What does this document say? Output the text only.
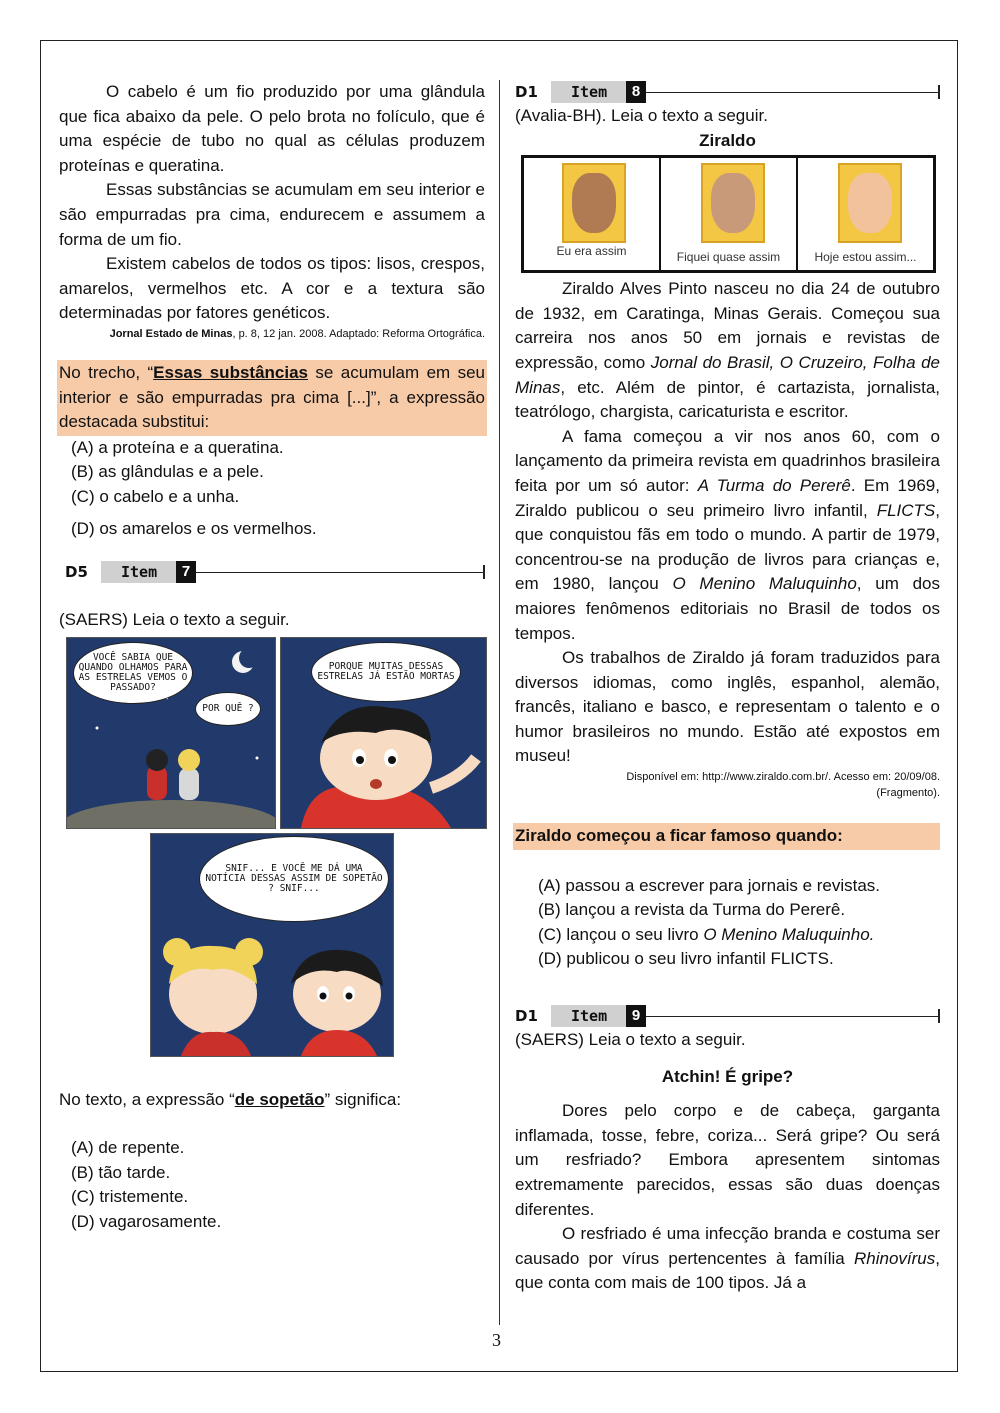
O cabelo é um fio produzido por uma glândula que fica abaixo da pele. O pelo brota no folículo, que é uma espécie de tubo no qual as células produzem proteínas e queratina.

Essas substâncias se acumulam em seu interior e são empurradas pra cima, endurecem e assumem a forma de um fio.

Existem cabelos de todos os tipos: lisos, crespos, amarelos, vermelhos etc. A cor e a textura são determinadas por fatores genéticos.

Jornal Estado de Minas, p. 8, 12 jan. 2008. Adaptado: Reforma Ortográfica.

No trecho, “Essas substâncias se acumulam em seu interior e são empurradas pra cima [...]”, a expressão destacada substitui:

(A) a proteína e a queratina.
(B) as glândulas e a pele.
(C) o cabelo e a unha.
(D) os amarelos e os vermelhos.
D5	Item	7

(SAERS) Leia o texto a seguir.

VOCÊ SABIA QUE QUANDO OLHAMOS PARA AS ESTRELAS VEMOS O PASSADO?
POR QUÊ ?
PORQUE MUITAS DESSAS ESTRELAS JÁ ESTÃO MORTAS
SNIF... E VOCÊ ME DÁ UMA NOTÍCIA DESSAS ASSIM DE SOPETÃO ? SNIF...

No texto, a expressão “de sopetão” significa:

(A) de repente.
(B) tão tarde.
(C) tristemente.
(D) vagarosamente.
D1	Item	8

(Avalia-BH). Leia o texto a seguir.

Ziraldo
Eu era assim	Fiquei quase assim	Hoje estou assim...

Ziraldo Alves Pinto nasceu no dia 24 de outubro de 1932, em Caratinga, Minas Gerais. Começou sua carreira nos anos 50 em jornais e revistas de expressão, como Jornal do Brasil, O Cruzeiro, Folha de Minas, etc. Além de pintor, é cartazista, jornalista, teatrólogo, chargista, caricaturista e escritor.

A fama começou a vir nos anos 60, com o lançamento da primeira revista em quadrinhos brasileira feita por um só autor: A Turma do Pererê. Em 1969, Ziraldo publicou o seu primeiro livro infantil, FLICTS, que conquistou fãs em todo o mundo. A partir de 1979, concentrou-se na produção de livros para crianças e, em 1980, lançou O Menino Maluquinho, um dos maiores fenômenos editoriais no Brasil de todos os tempos.

Os trabalhos de Ziraldo já foram traduzidos para diversos idiomas, como inglês, espanhol, alemão, francês, italiano e basco, e representam o talento e o humor brasileiros no mundo. Estão até expostos em museu!

Disponível em: http://www.ziraldo.com.br/. Acesso em: 20/09/08.
(Fragmento).
Ziraldo começou a ficar famoso quando:
(A) passou a escrever para jornais e revistas.
(B) lançou a revista da Turma do Pererê.
(C) lançou o seu livro O Menino Maluquinho.
(D) publicou o seu livro infantil FLICTS.
D1	Item	9

(SAERS) Leia o texto a seguir.

Atchin! É gripe?

Dores pelo corpo e de cabeça, garganta inflamada, tosse, febre, coriza... Será gripe? Ou será um resfriado? Embora apresentem sintomas extremamente parecidos, essas são duas doenças diferentes.

O resfriado é uma infecção branda e costuma ser causado por vírus pertencentes à família Rhinovírus, que conta com mais de 100 tipos. Já a

3
